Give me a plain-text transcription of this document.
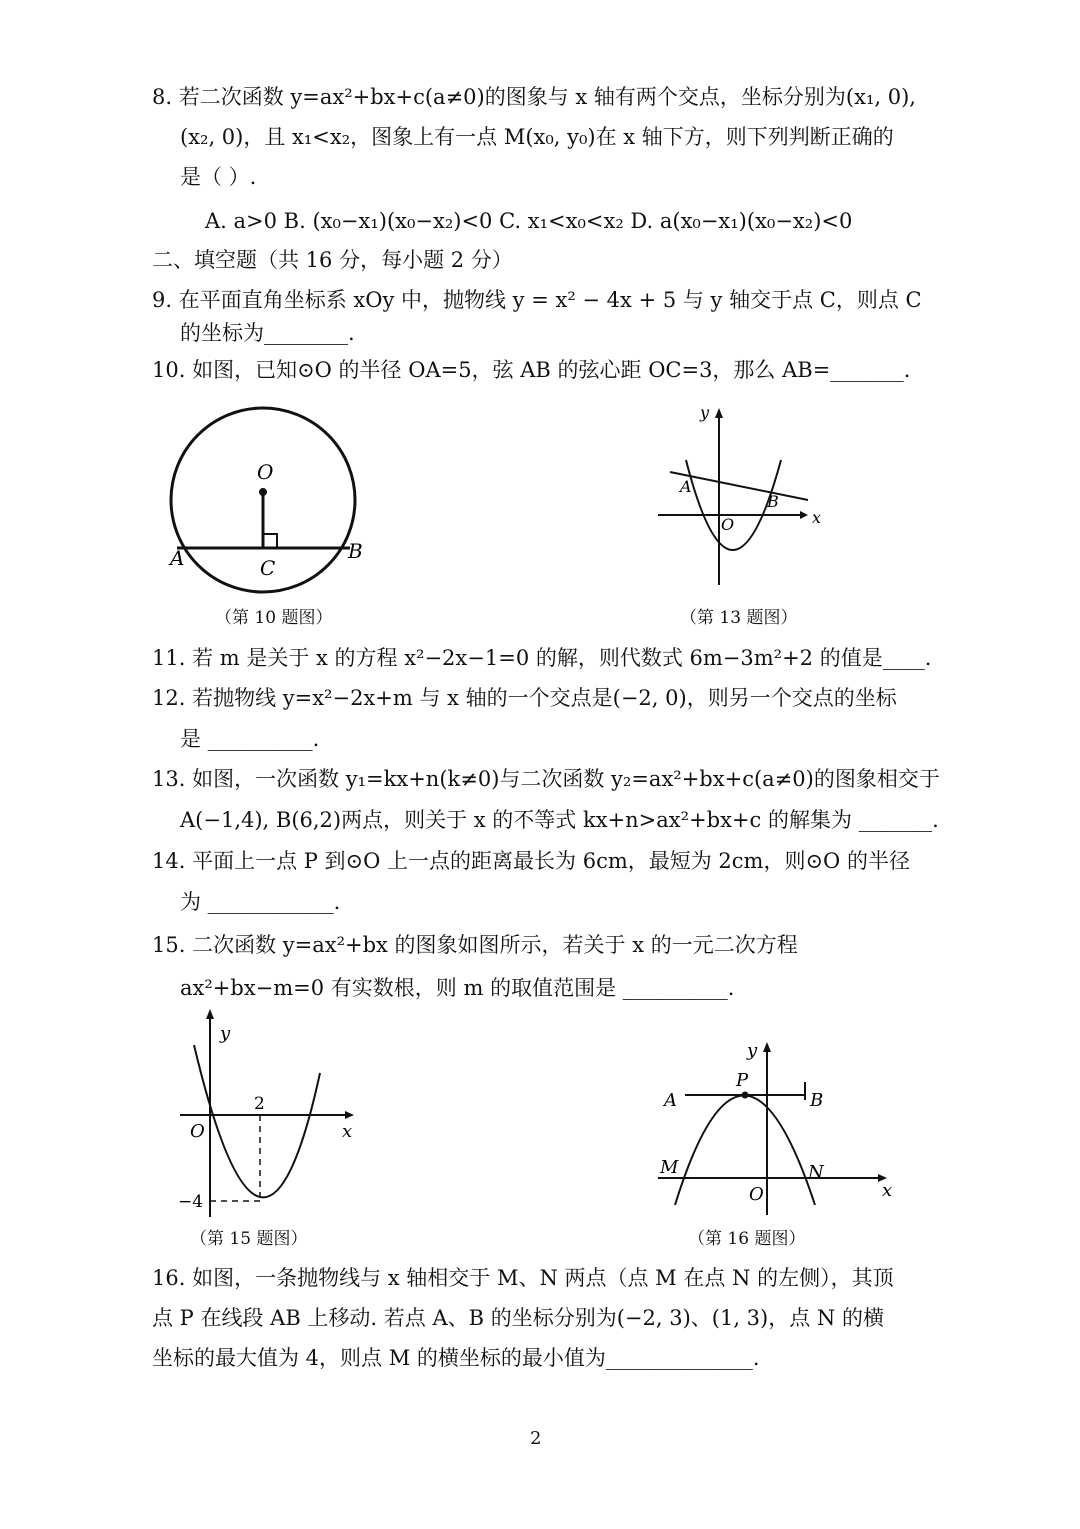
8. 若二次函数 y=ax²+bx+c(a≠0)的图象与 x 轴有两个交点，坐标分别为(x₁, 0),
(x₂, 0)，且 x₁<x₂，图象上有一点 M(x₀, y₀)在 x 轴下方，则下列判断正确的
是（ ）.
A. a>0 B. (x₀−x₁)(x₀−x₂)<0 C. x₁<x₀<x₂ D. a(x₀−x₁)(x₀−x₂)<0
二、填空题（共 16 分，每小题 2 分）
9. 在平面直角坐标系 xOy 中，抛物线 y = x² − 4x + 5 与 y 轴交于点 C，则点 C
的坐标为________.
10. 如图，已知⊙O 的半径 OA=5，弦 AB 的弦心距 OC=3，那么 AB=_______.
O
A	B
C
（第 10 题图）
y
x
A
B
O
（第 13 题图）
11. 若 m 是关于 x 的方程 x²−2x−1=0 的解，则代数式 6m−3m²+2 的值是____.
12. 若抛物线 y=x²−2x+m 与 x 轴的一个交点是(−2, 0)，则另一个交点的坐标
是 __________.
13. 如图，一次函数 y₁=kx+n(k≠0)与二次函数 y₂=ax²+bx+c(a≠0)的图象相交于
A(−1,4), B(6,2)两点，则关于 x 的不等式 kx+n>ax²+bx+c 的解集为 _______.
14. 平面上一点 P 到⊙O 上一点的距离最长为 6cm，最短为 2cm，则⊙O 的半径
为 ____________.
15. 二次函数 y=ax²+bx 的图象如图所示，若关于 x 的一元二次方程
ax²+bx−m=0 有实数根，则 m 的取值范围是 __________.
y
x
O
2
−4
（第 15 题图）
y
x
P
A	B
M	N
O
（第 16 题图）
16. 如图，一条抛物线与 x 轴相交于 M、N 两点（点 M 在点 N 的左侧），其顶
点 P 在线段 AB 上移动. 若点 A、B 的坐标分别为(−2, 3)、(1, 3)，点 N 的横
坐标的最大值为 4，则点 M 的横坐标的最小值为______________.
2
